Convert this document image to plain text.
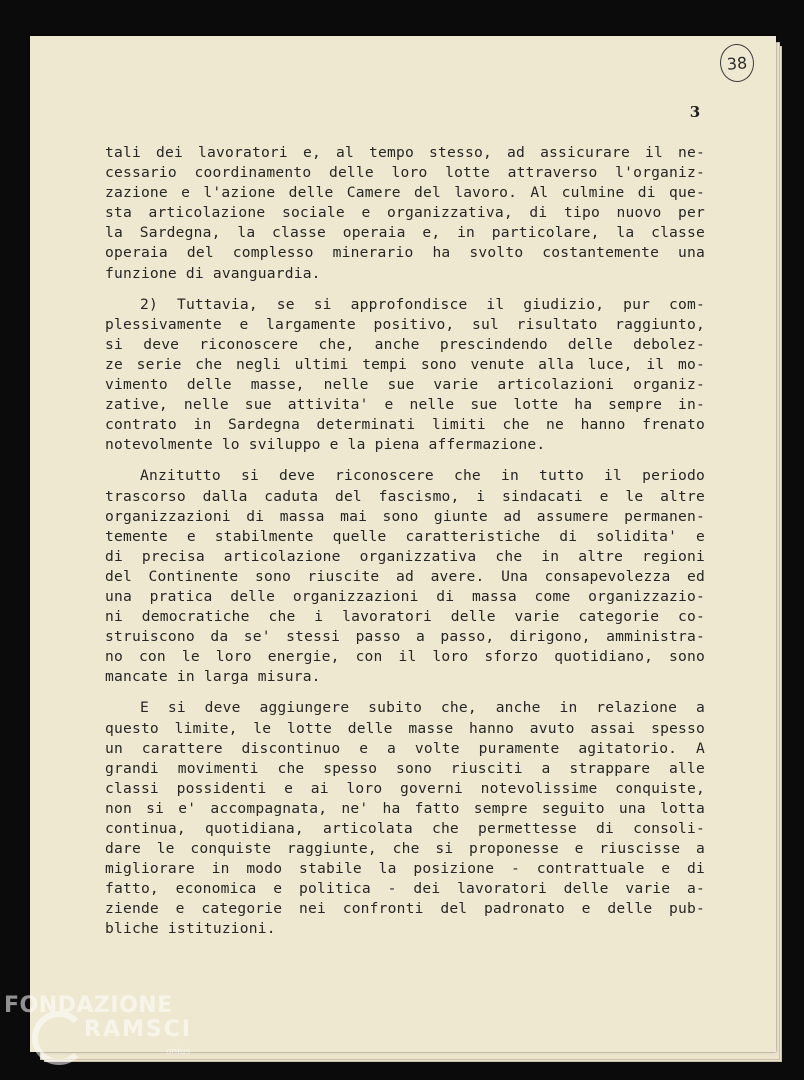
38
3
tali dei lavoratori e, al tempo stesso, ad assicurare il ne-
cessario coordinamento delle loro lotte attraverso l'organiz-
zazione e l'azione delle Camere del lavoro. Al culmine di que-
sta articolazione sociale e organizzativa, di tipo nuovo per
la Sardegna, la classe operaia e, in particolare, la classe
operaia del complesso minerario ha svolto costantemente una
funzione di avanguardia.
2) Tuttavia, se si approfondisce il giudizio, pur com-
plessivamente e largamente positivo, sul risultato raggiunto,
si deve riconoscere che, anche prescindendo delle debolez-
ze serie che negli ultimi tempi sono venute alla luce, il mo-
vimento delle masse, nelle sue varie articolazioni organiz-
zative, nelle sue attivita' e nelle sue lotte ha sempre in-
contrato in Sardegna determinati limiti che ne hanno frenato
notevolmente lo sviluppo e la piena affermazione.
Anzitutto si deve riconoscere che in tutto il periodo
trascorso dalla caduta del fascismo, i sindacati e le altre
organizzazioni di massa mai sono giunte ad assumere permanen-
temente e stabilmente quelle caratteristiche di solidita' e
di precisa articolazione organizzativa che in altre regioni
del Continente sono riuscite ad avere. Una consapevolezza ed
una pratica delle organizzazioni di massa come organizzazio-
ni democratiche che i lavoratori delle varie categorie co-
struiscono da se' stessi passo a passo, dirigono, amministra-
no con le loro energie, con il loro sforzo quotidiano, sono
mancate in larga misura.
E si deve aggiungere subito che, anche in relazione a
questo limite, le lotte delle masse hanno avuto assai spesso
un carattere discontinuo e a volte puramente agitatorio. A
grandi movimenti che spesso sono riusciti a strappare alle
classi possidenti e ai loro governi notevolissime conquiste,
non si e' accompagnata, ne' ha fatto sempre seguito una lotta
continua, quotidiana, articolata che permettesse di consoli-
dare le conquiste raggiunte, che si proponesse e riuscisse a
migliorare in modo stabile la posizione - contrattuale e di
fatto, economica e politica - dei lavoratori delle varie a-
ziende e categorie nei confronti del padronato e delle pub-
bliche istituzioni.
FONDAZIONE
RAMSCI
onlus
